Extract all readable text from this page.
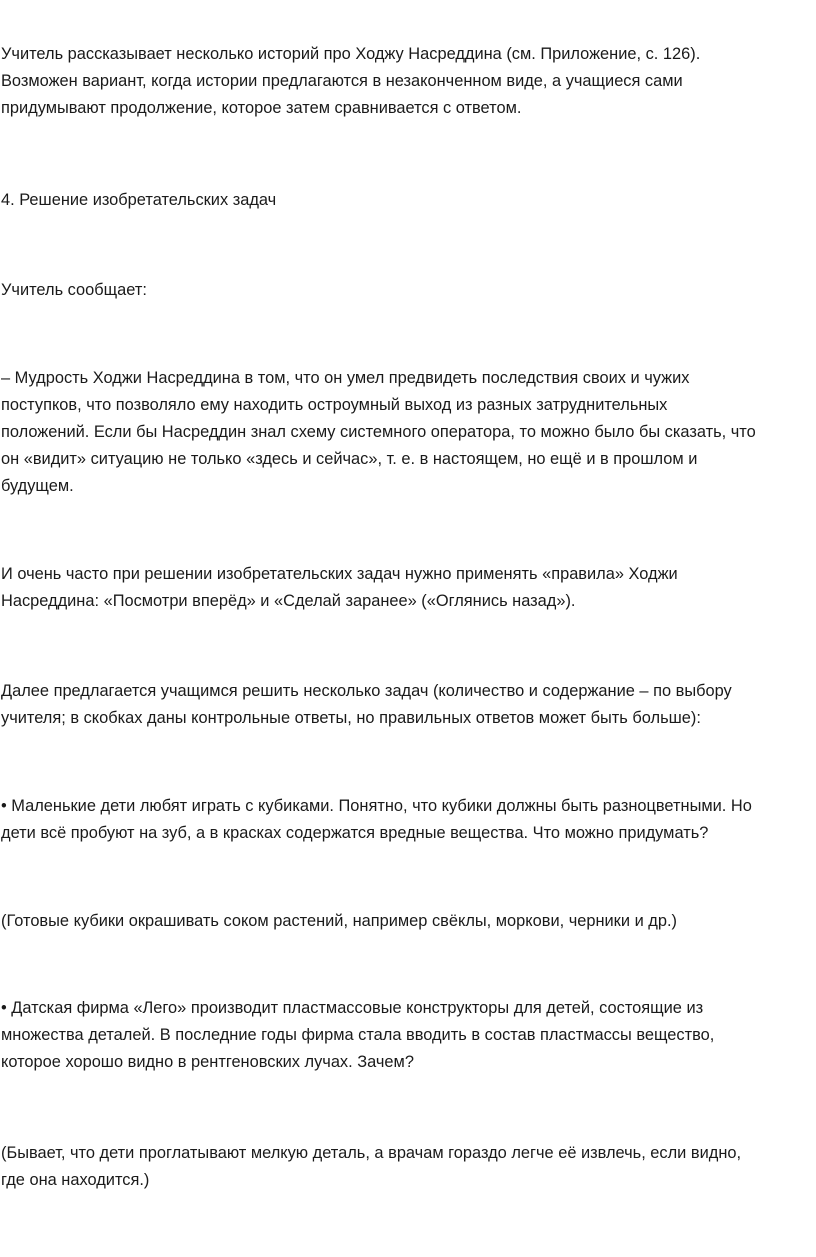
Учитель рассказывает несколько историй про Ходжу Насреддина (см. Приложение, с. 126).
Возможен вариант, когда истории предлагаются в незаконченном виде, а учащиеся сами
придумывают продолжение, которое затем сравнивается с ответом.
4. Решение изобретательских задач
Учитель сообщает:
– Мудрость Ходжи Насреддина в том, что он умел предвидеть последствия своих и чужих
поступков, что позволяло ему находить остроумный выход из разных затруднительных
положений. Если бы Насреддин знал схему системного оператора, то можно было бы сказать, что
он «видит» ситуацию не только «здесь и сейчас», т. е. в настоящем, но ещё и в прошлом и
будущем.
И очень часто при решении изобретательских задач нужно применять «правила» Ходжи
Насреддина: «Посмотри вперёд» и «Сделай заранее» («Оглянись назад»).
Далее предлагается учащимся решить несколько задач (количество и содержание – по выбору
учителя; в скобках даны контрольные ответы, но правильных ответов может быть больше):
• Маленькие дети любят играть с кубиками. Понятно, что кубики должны быть разноцветными. Но
дети всё пробуют на зуб, а в красках содержатся вредные вещества. Что можно придумать?
(Готовые кубики окрашивать соком растений, например свёклы, моркови, черники и др.)
• Датская фирма «Лего» производит пластмассовые конструкторы для детей, состоящие из
множества деталей. В последние годы фирма стала вводить в состав пластмассы вещество,
которое хорошо видно в рентгеновских лучах. Зачем?
(Бывает, что дети проглатывают мелкую деталь, а врачам гораздо легче её извлечь, если видно,
где она находится.)
